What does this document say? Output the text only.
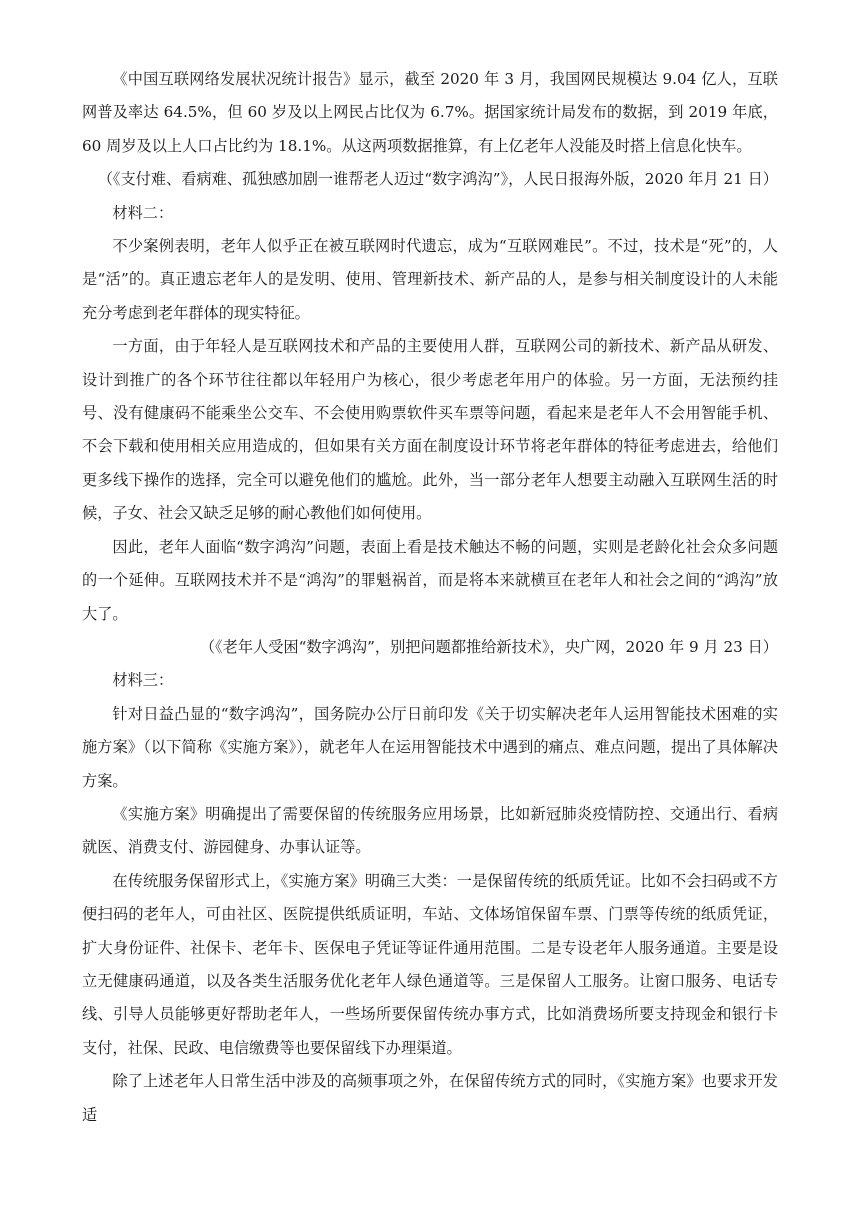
《中国互联网络发展状况统计报告》显示，截至 2020 年 3 月，我国网民规模达 9.04 亿人，互联网普及率达 64.5%，但 60 岁及以上网民占比仅为 6.7%。据国家统计局发布的数据，到 2019 年底，60 周岁及以上人口占比约为 18.1%。从这两项数据推算，有上亿老年人没能及时搭上信息化快车。

（《支付难、看病难、孤独感加剧一谁帮老人迈过“数字鸿沟”》，人民日报海外版，2020 年月 21 日）

材料二：

不少案例表明，老年人似乎正在被互联网时代遗忘，成为“互联网难民”。不过，技术是“死”的，人是“活”的。真正遗忘老年人的是发明、使用、管理新技术、新产品的人，是参与相关制度设计的人未能充分考虑到老年群体的现实特征。

一方面，由于年轻人是互联网技术和产品的主要使用人群，互联网公司的新技术、新产品从研发、设计到推广的各个环节往往都以年轻用户为核心，很少考虑老年用户的体验。另一方面，无法预约挂号、没有健康码不能乘坐公交车、不会使用购票软件买车票等问题，看起来是老年人不会用智能手机、不会下载和使用相关应用造成的，但如果有关方面在制度设计环节将老年群体的特征考虑进去，给他们更多线下操作的选择，完全可以避免他们的尴尬。此外，当一部分老年人想要主动融入互联网生活的时候，子女、社会又缺乏足够的耐心教他们如何使用。

因此，老年人面临“数字鸿沟”问题，表面上看是技术触达不畅的问题，实则是老龄化社会众多问题的一个延伸。互联网技术并不是“鸿沟”的罪魁祸首，而是将本来就横亘在老年人和社会之间的“鸿沟”放大了。

（《老年人受困“数字鸿沟”，别把问题都推给新技术》，央广网，2020 年 9 月 23 日）

材料三：

针对日益凸显的“数字鸿沟”，国务院办公厅日前印发《关于切实解决老年人运用智能技术困难的实施方案》（以下简称《实施方案》），就老年人在运用智能技术中遇到的痛点、难点问题，提出了具体解决方案。

《实施方案》明确提出了需要保留的传统服务应用场景，比如新冠肺炎疫情防控、交通出行、看病就医、消费支付、游园健身、办事认证等。

在传统服务保留形式上，《实施方案》明确三大类：一是保留传统的纸质凭证。比如不会扫码或不方便扫码的老年人，可由社区、医院提供纸质证明，车站、文体场馆保留车票、门票等传统的纸质凭证，扩大身份证件、社保卡、老年卡、医保电子凭证等证件通用范围。二是专设老年人服务通道。主要是设立无健康码通道，以及各类生活服务优化老年人绿色通道等。三是保留人工服务。让窗口服务、电话专线、引导人员能够更好帮助老年人，一些场所要保留传统办事方式，比如消费场所要支持现金和银行卡支付，社保、民政、电信缴费等也要保留线下办理渠道。

除了上述老年人日常生活中涉及的高频事项之外，在保留传统方式的同时，《实施方案》也要求开发适
